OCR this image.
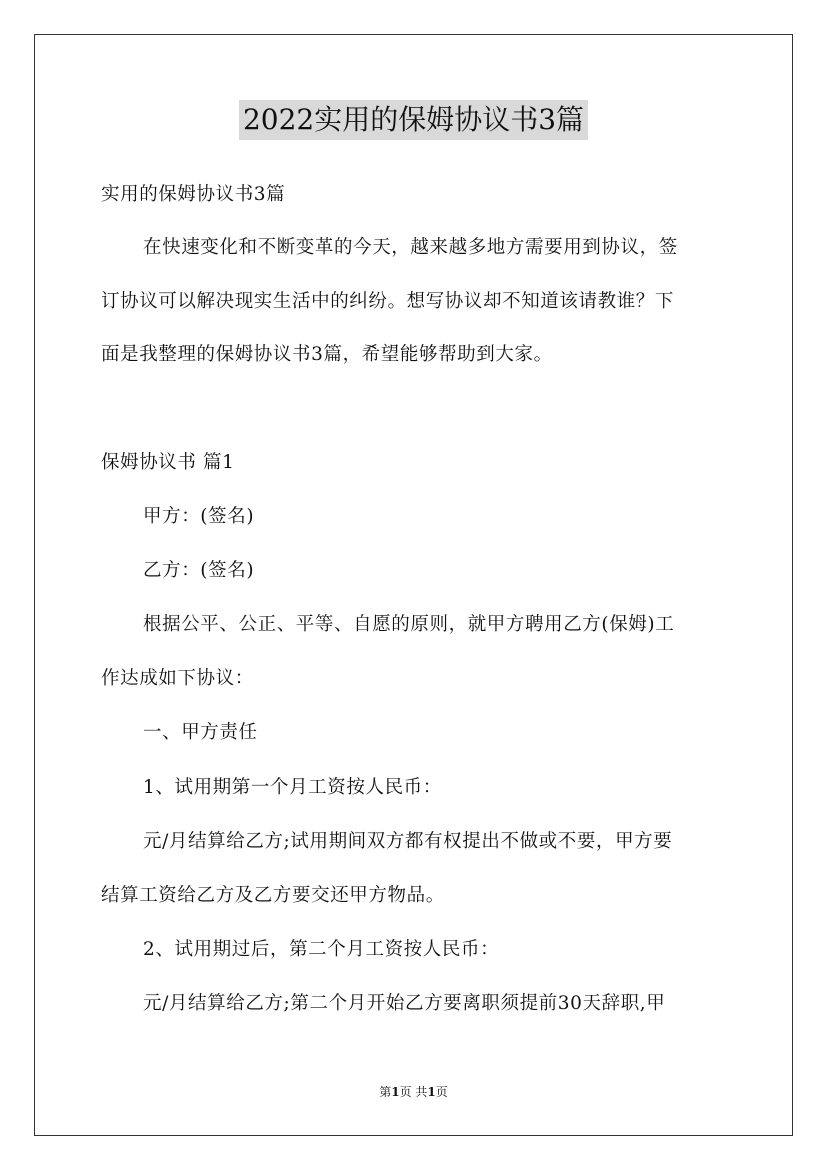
2022实用的保姆协议书3篇
实用的保姆协议书3篇
在快速变化和不断变革的今天，越来越多地方需要用到协议，签
订协议可以解决现实生活中的纠纷。想写协议却不知道该请教谁？下
面是我整理的保姆协议书3篇，希望能够帮助到大家。
保姆协议书 篇1
甲方：(签名)
乙方：(签名)
根据公平、公正、平等、自愿的原则，就甲方聘用乙方(保姆)工
作达成如下协议：
一、甲方责任
1、试用期第一个月工资按人民币：
元/月结算给乙方;试用期间双方都有权提出不做或不要，甲方要
结算工资给乙方及乙方要交还甲方物品。
2、试用期过后，第二个月工资按人民币：
元/月结算给乙方;第二个月开始乙方要离职须提前30天辞职,甲
第1页 共1页
